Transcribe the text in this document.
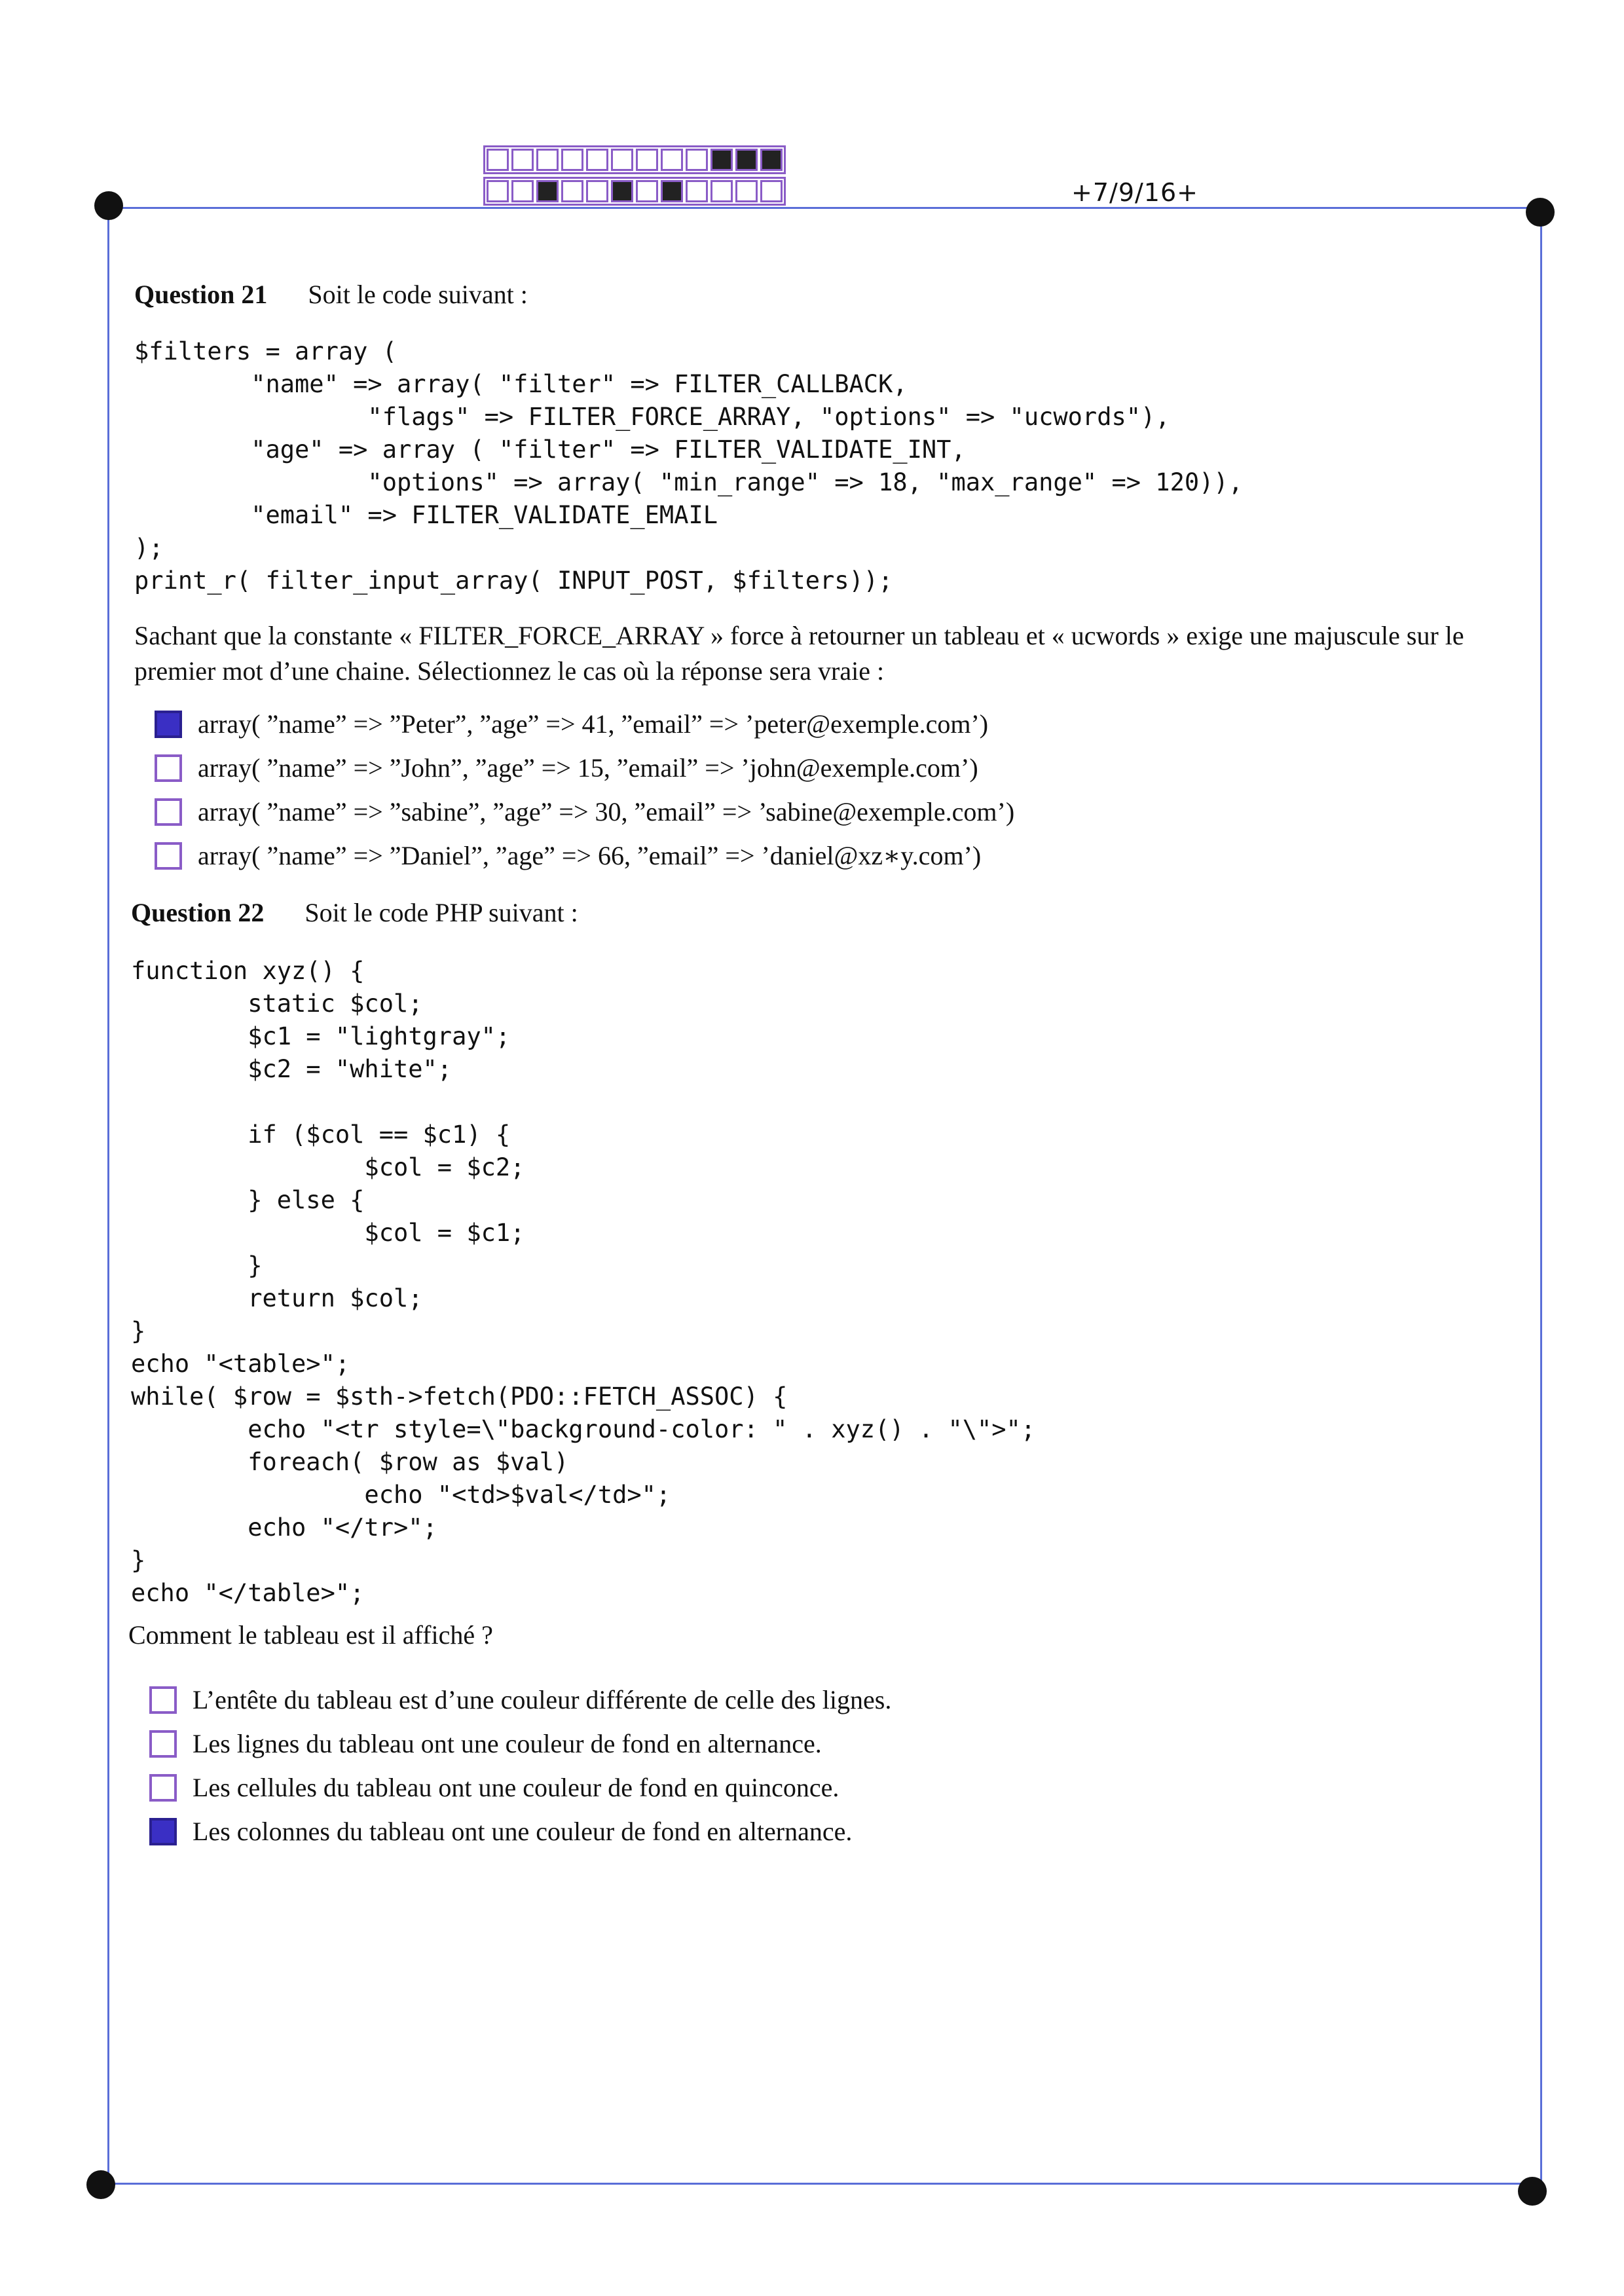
+7/9/16+
Question 21 Soit le code suivant :
$filters = array (
"name" => array( "filter" => FILTER_CALLBACK,
"flags" => FILTER_FORCE_ARRAY, "options" => "ucwords"),
"age" => array ( "filter" => FILTER_VALIDATE_INT,
"options" => array( "min_range" => 18, "max_range" => 120)),
"email" => FILTER_VALIDATE_EMAIL
);
print_r( filter_input_array( INPUT_POST, $filters));
Sachant que la constante « FILTER_FORCE_ARRAY » force à retourner un tableau et « ucwords » exige une majuscule sur le premier mot d’une chaine. Sélectionnez le cas où la réponse sera vraie :
array( ”name” => ”Peter”, ”age” => 41, ”email” => ’peter@exemple.com’)
array( ”name” => ”John”, ”age” => 15, ”email” => ’john@exemple.com’)
array( ”name” => ”sabine”, ”age” => 30, ”email” => ’sabine@exemple.com’)
array( ”name” => ”Daniel”, ”age” => 66, ”email” => ’daniel@xz∗y.com’)
Question 22 Soit le code PHP suivant :
function xyz() {
static $col;
$c1 = "lightgray";
$c2 = "white";

if ($col == $c1) {
$col = $c2;
} else {
$col = $c1;
}
return $col;
}
echo "<table>";
while( $row = $sth->fetch(PDO::FETCH_ASSOC) {
echo "<tr style=\"background-color: " . xyz() . "\">";
foreach( $row as $val)
echo "<td>$val</td>";
echo "</tr>";
}
echo "</table>";
Comment le tableau est il affiché ?
L’entête du tableau est d’une couleur différente de celle des lignes.
Les lignes du tableau ont une couleur de fond en alternance.
Les cellules du tableau ont une couleur de fond en quinconce.
Les colonnes du tableau ont une couleur de fond en alternance.
